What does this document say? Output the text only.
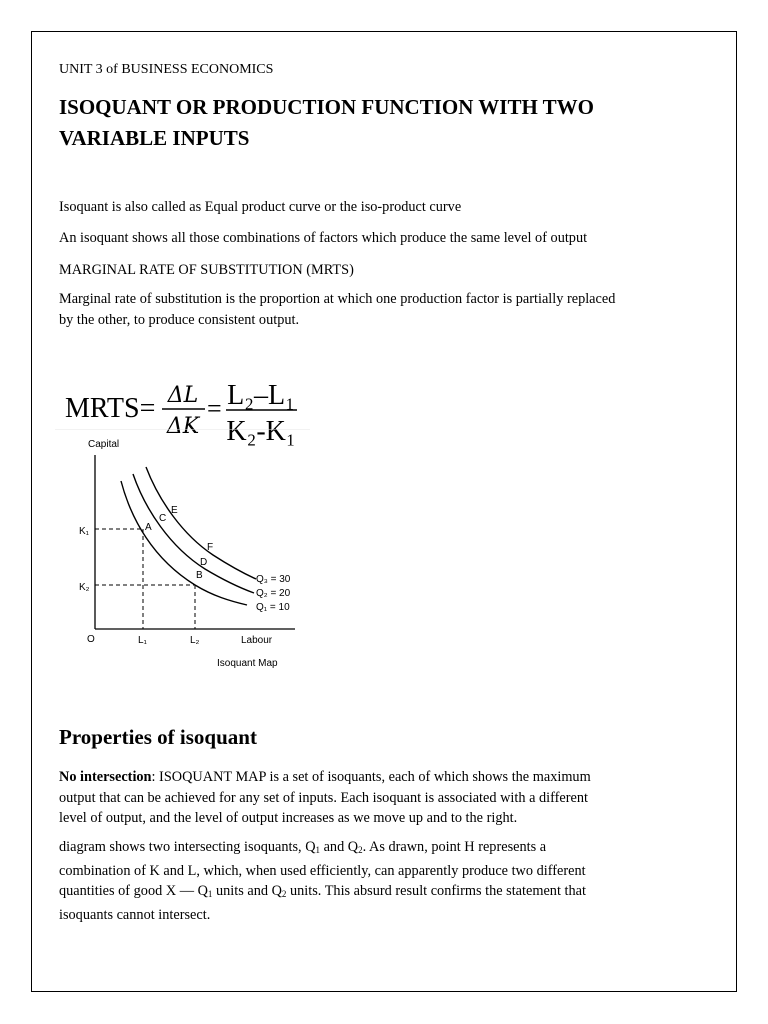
UNIT 3 of BUSINESS ECONOMICS
ISOQUANT OR PRODUCTION FUNCTION WITH TWO
VARIABLE INPUTS
Isoquant is also called as Equal product curve or the iso-product curve
An isoquant shows all those combinations of factors which produce the same level of output
MARGINAL RATE OF SUBSTITUTION (MRTS)
Marginal rate of substitution is the proportion at which one production factor is partially replaced
by the other, to produce consistent output.
MRTS= ΔL
ΔK
= L₂–L₁
K₂-K₁
Capital
O
K₁
K₂
L₁	L₂	Labour
Isoquant Map
A
B
C
D
E
F
Q₃ = 30
Q₂ = 20
Q₁ = 10
Properties of isoquant
No intersection: ISOQUANT MAP is a set of isoquants, each of which shows the maximum
output that can be achieved for any set of inputs. Each isoquant is associated with a different
level of output, and the level of output increases as we move up and to the right.
diagram shows two intersecting isoquants, $Q_1$ and $Q_2$. As drawn, point H represents a
combination of K and L, which, when used efficiently, can apparently produce two different
quantities of good X — $Q_1$ units and $Q_2$ units. This absurd result confirms the statement that
isoquants cannot intersect.
